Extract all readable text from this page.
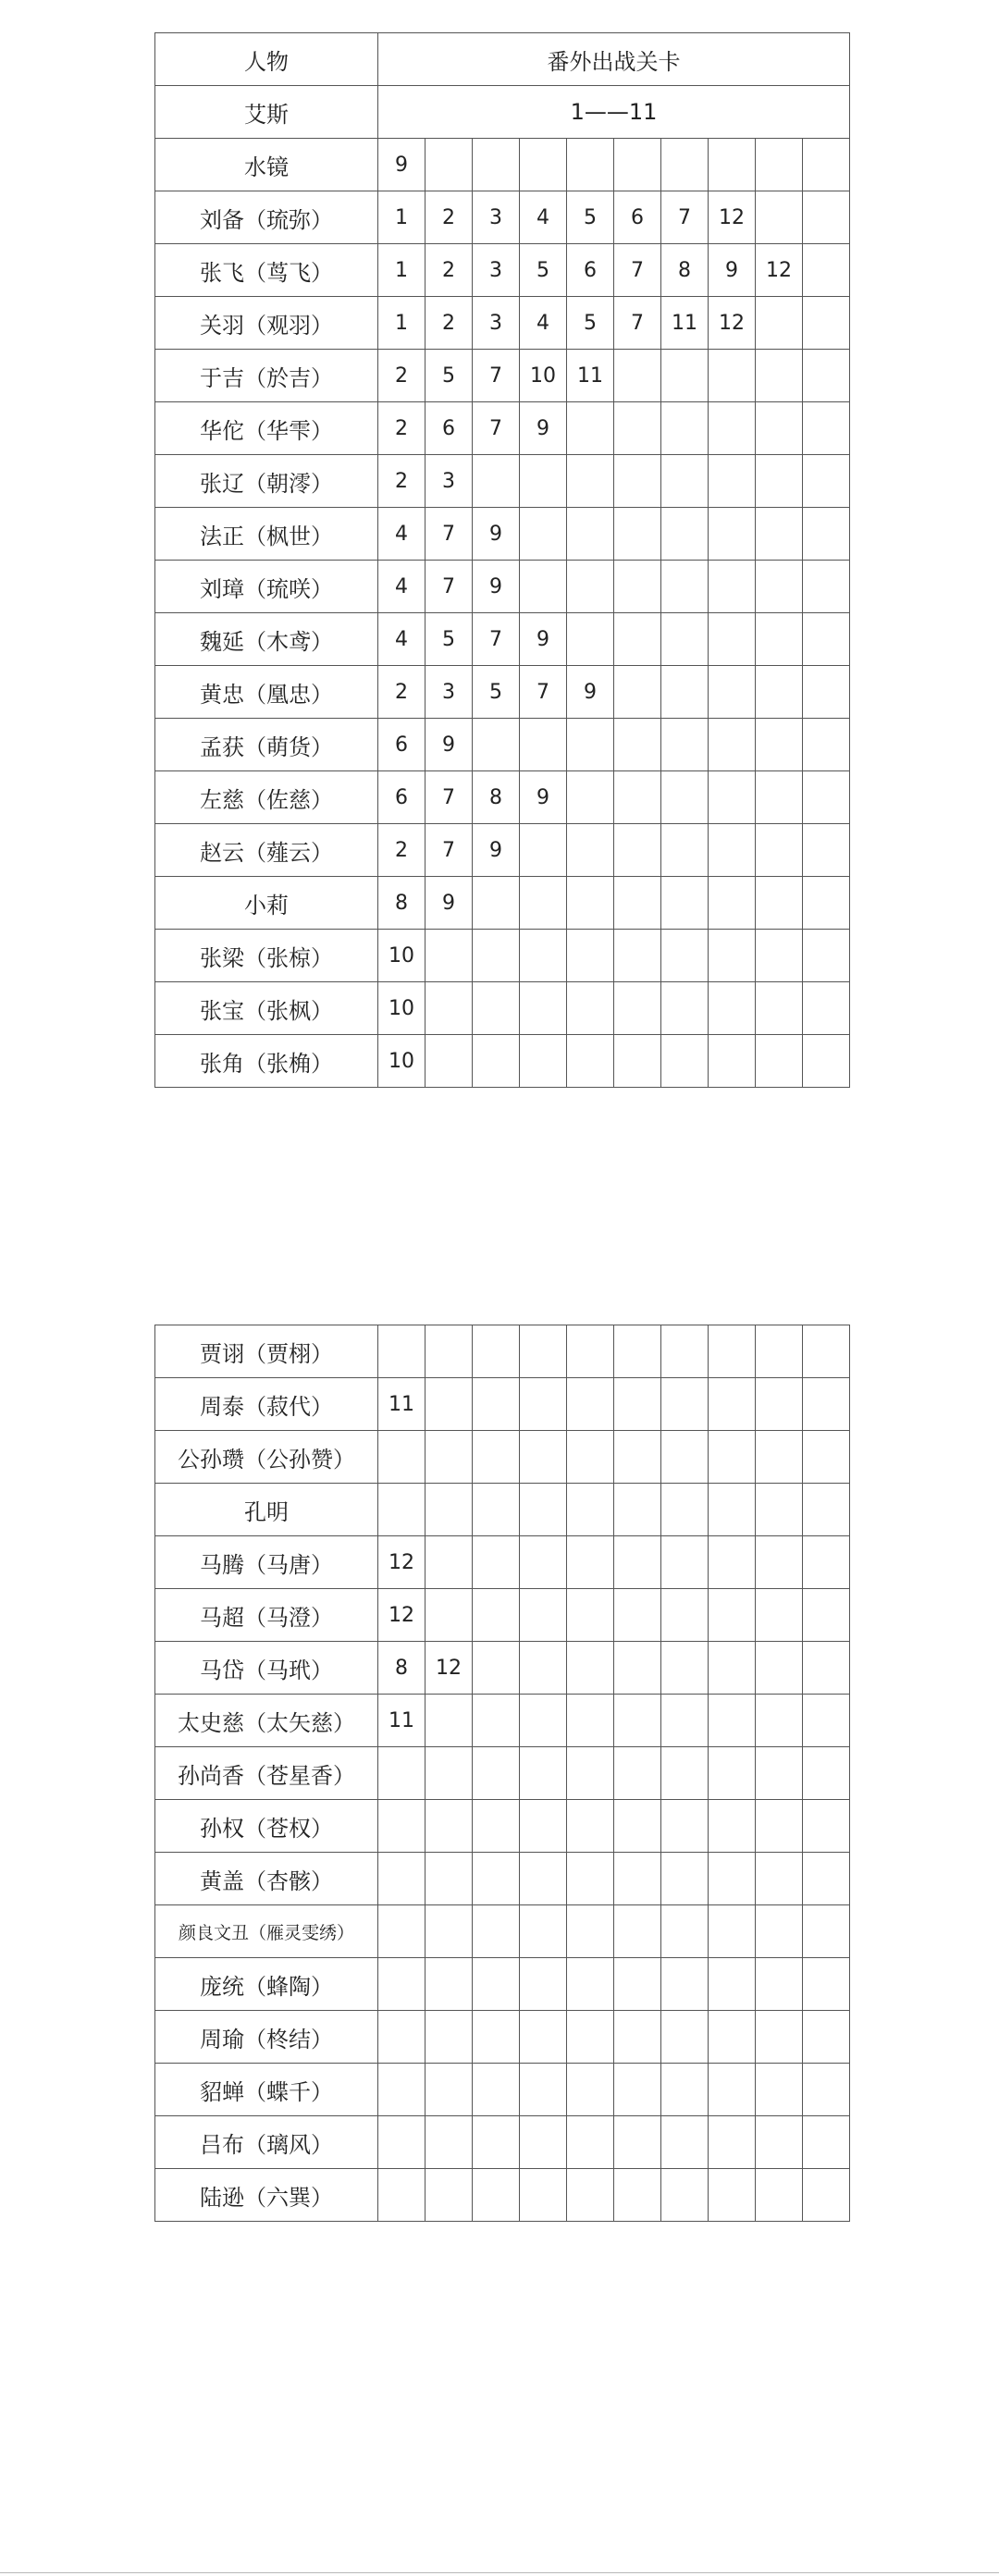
人物	番外出战关卡									
艾斯	1——11									
水镜	9									
刘备（琉弥）	1	2	3	4	5	6	7	12		
张飞（茑飞）	1	2	3	5	6	7	8	9	12	
关羽（观羽）	1	2	3	4	5	7	11	12		
于吉（於吉）	2	5	7	10	11					
华佗（华雫）	2	6	7	9						
张辽（朝澪）	2	3								
法正（枫世）	4	7	9							
刘璋（琉咲）	4	7	9							
魏延（木鸢）	4	5	7	9						
黄忠（凰忠）	2	3	5	7	9					
孟获（萌货）	6	9								
左慈（佐慈）	6	7	8	9						
赵云（薤云）	2	7	9							
小莉	8	9								
张梁（张椋）	10									
张宝（张枫）	10									
张角（张桷）	10									
贾诩（贾栩）										
周泰（菽代）	11									
公孙瓒（公孙赞）										
孔明										
马腾（马唐）	12									
马超（马澄）	12									
马岱（马玳）	8	12								
太史慈（太矢慈）	11									
孙尚香（苍星香）										
孙权（苍权）										
黄盖（杏骸）										
颜良文丑（雁灵雯绣）										
庞统（蜂陶）										
周瑜（柊结）										
貂蝉（蝶千）										
吕布（璃风）										
陆逊（六巽）										
